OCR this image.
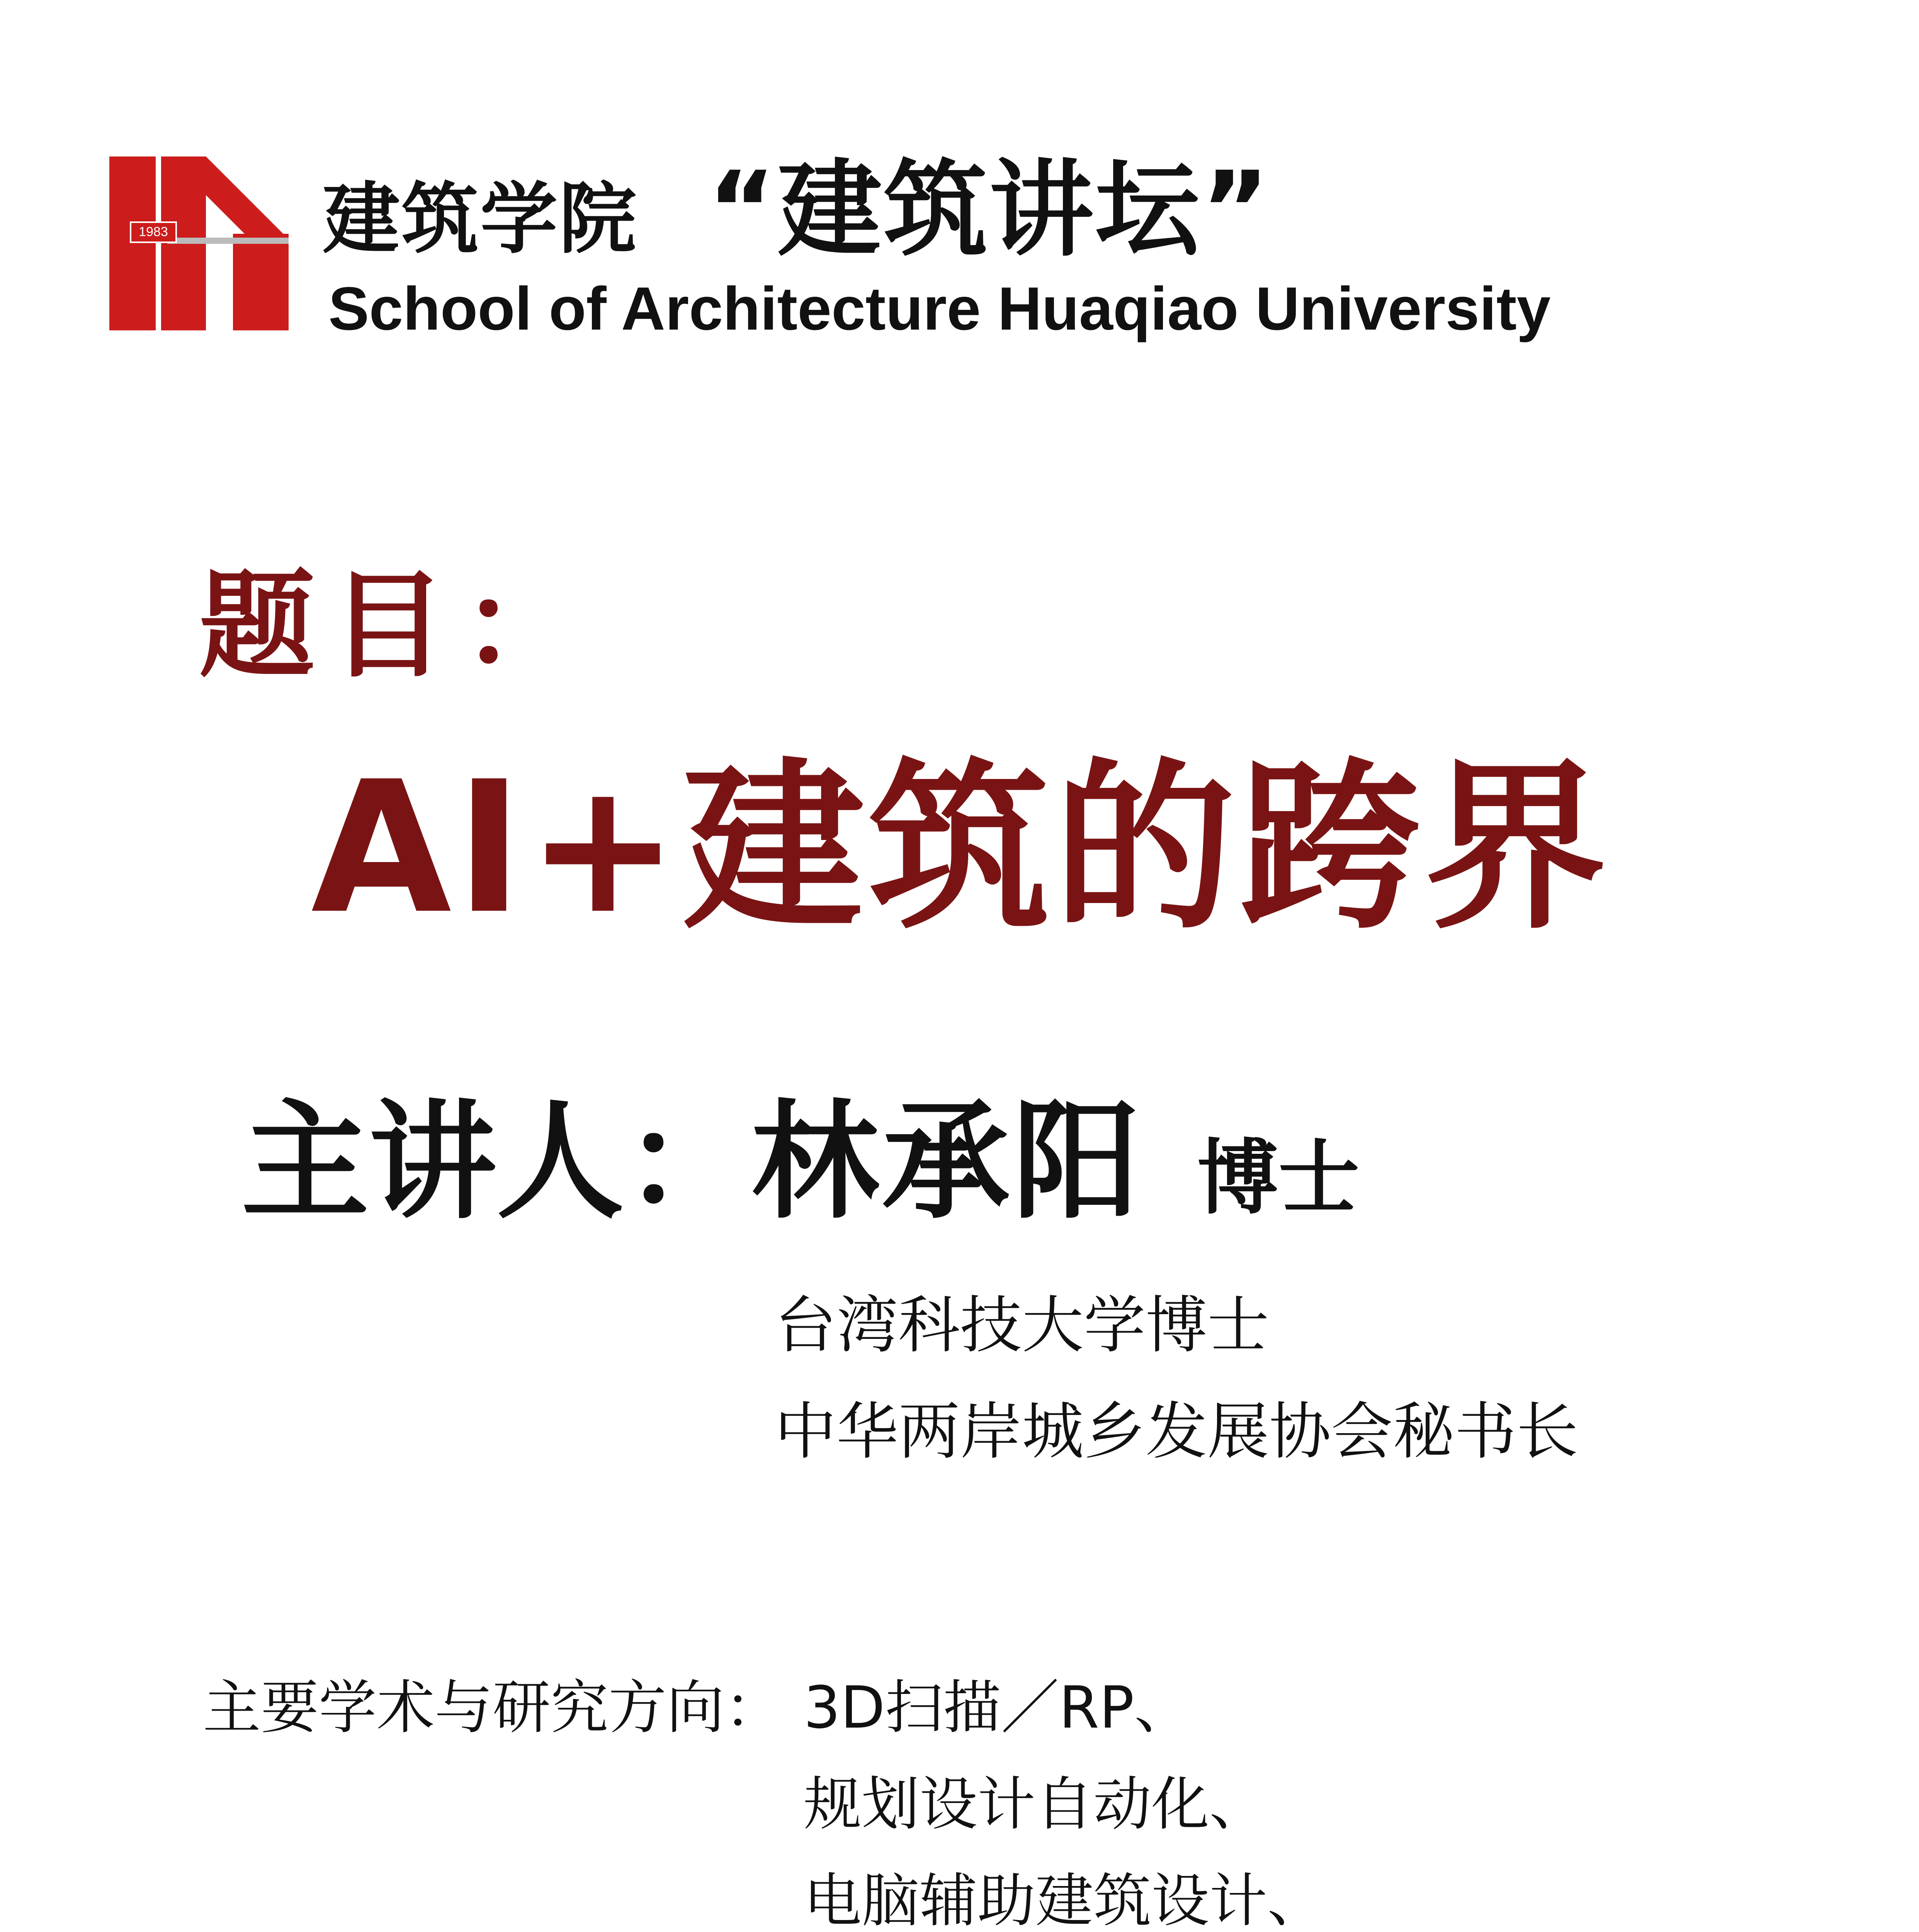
1983 建筑学院 “建筑讲坛”
School of Architecture Huaqiao University
题目：
AI+建筑的跨界
主讲人：林承阳 博士
台湾科技大学博士
中华两岸城乡发展协会秘书长
主要学术与研究方向： 3D扫描／RP、
规划设计自动化、
电脑辅助建筑设计、
